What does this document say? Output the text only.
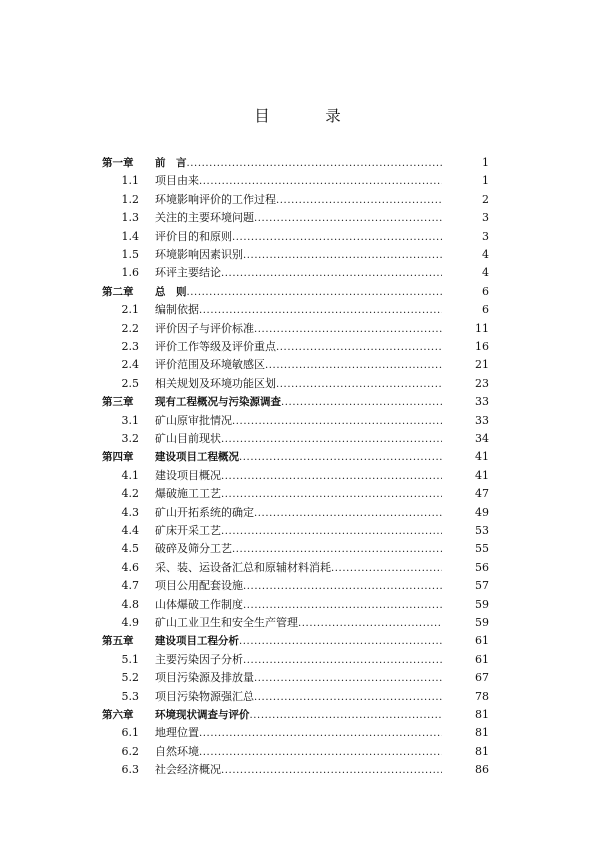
目　录
第一章	前　言 .....	1
1.1 项目由来 .....	1
1.2 环境影响评价的工作过程 .....	2
1.3 关注的主要环境问题 .....	3
1.4 评价目的和原则 .....	3
1.5 环境影响因素识别 .....	4
1.6 环评主要结论 .....	4
第二章	总　则 .....	6
2.1 编制依据 .....	6
2.2 评价因子与评价标准 .....	11
2.3 评价工作等级及评价重点 .....	16
2.4 评价范围及环境敏感区 .....	21
2.5 相关规划及环境功能区划 .....	23
第三章	现有工程概况与污染源调查 .....	33
3.1 矿山原审批情况 .....	33
3.2 矿山目前现状 .....	34
第四章	建设项目工程概况 .....	41
4.1 建设项目概况 .....	41
4.2 爆破施工工艺 .....	47
4.3 矿山开拓系统的确定 .....	49
4.4 矿床开采工艺 .....	53
4.5 破碎及筛分工艺 .....	55
4.6 采、装、运设备汇总和原辅材料消耗 .....	56
4.7 项目公用配套设施 .....	57
4.8 山体爆破工作制度 .....	59
4.9 矿山工业卫生和安全生产管理 .....	59
第五章	建设项目工程分析 .....	61
5.1 主要污染因子分析 .....	61
5.2 项目污染源及排放量 .....	67
5.3 项目污染物源强汇总 .....	78
第六章	环境现状调查与评价 .....	81
6.1 地理位置 .....	81
6.2 自然环境 .....	81
6.3 社会经济概况 .....	86
